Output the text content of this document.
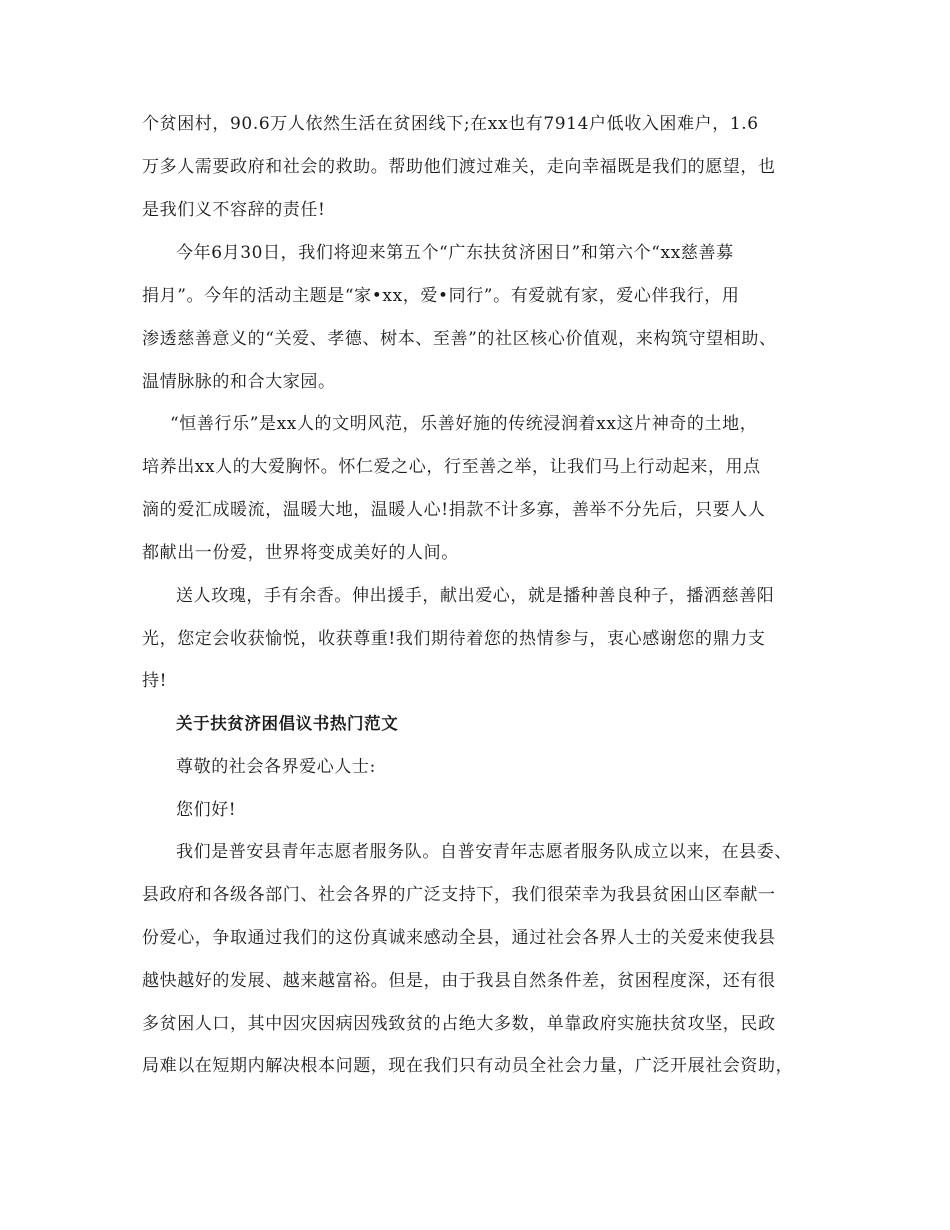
个贫困村，90.6万人依然生活在贫困线下;在xx也有7914户低收入困难户，1.6
万多人需要政府和社会的救助。帮助他们渡过难关，走向幸福既是我们的愿望，也
是我们义不容辞的责任!
今年6月30日，我们将迎来第五个“广东扶贫济困日”和第六个“xx慈善募
捐月”。今年的活动主题是“家•xx，爱•同行”。有爱就有家，爱心伴我行，用
渗透慈善意义的“关爱、孝德、树本、至善”的社区核心价值观，来构筑守望相助、
温情脉脉的和合大家园。
“恒善行乐”是xx人的文明风范，乐善好施的传统浸润着xx这片神奇的土地，
培养出xx人的大爱胸怀。怀仁爱之心，行至善之举，让我们马上行动起来，用点
滴的爱汇成暖流，温暖大地，温暖人心!捐款不计多寡，善举不分先后，只要人人
都献出一份爱，世界将变成美好的人间。
送人玫瑰，手有余香。伸出援手，献出爱心，就是播种善良种子，播洒慈善阳
光，您定会收获愉悦，收获尊重!我们期待着您的热情参与，衷心感谢您的鼎力支
持!
关于扶贫济困倡议书热门范文
尊敬的社会各界爱心人士:
您们好!
我们是普安县青年志愿者服务队。自普安青年志愿者服务队成立以来，在县委、
县政府和各级各部门、社会各界的广泛支持下，我们很荣幸为我县贫困山区奉献一
份爱心，争取通过我们的这份真诚来感动全县，通过社会各界人士的关爱来使我县
越快越好的发展、越来越富裕。但是，由于我县自然条件差，贫困程度深，还有很
多贫困人口，其中因灾因病因残致贫的占绝大多数，单靠政府实施扶贫攻坚，民政
局难以在短期内解决根本问题，现在我们只有动员全社会力量，广泛开展社会资助，
